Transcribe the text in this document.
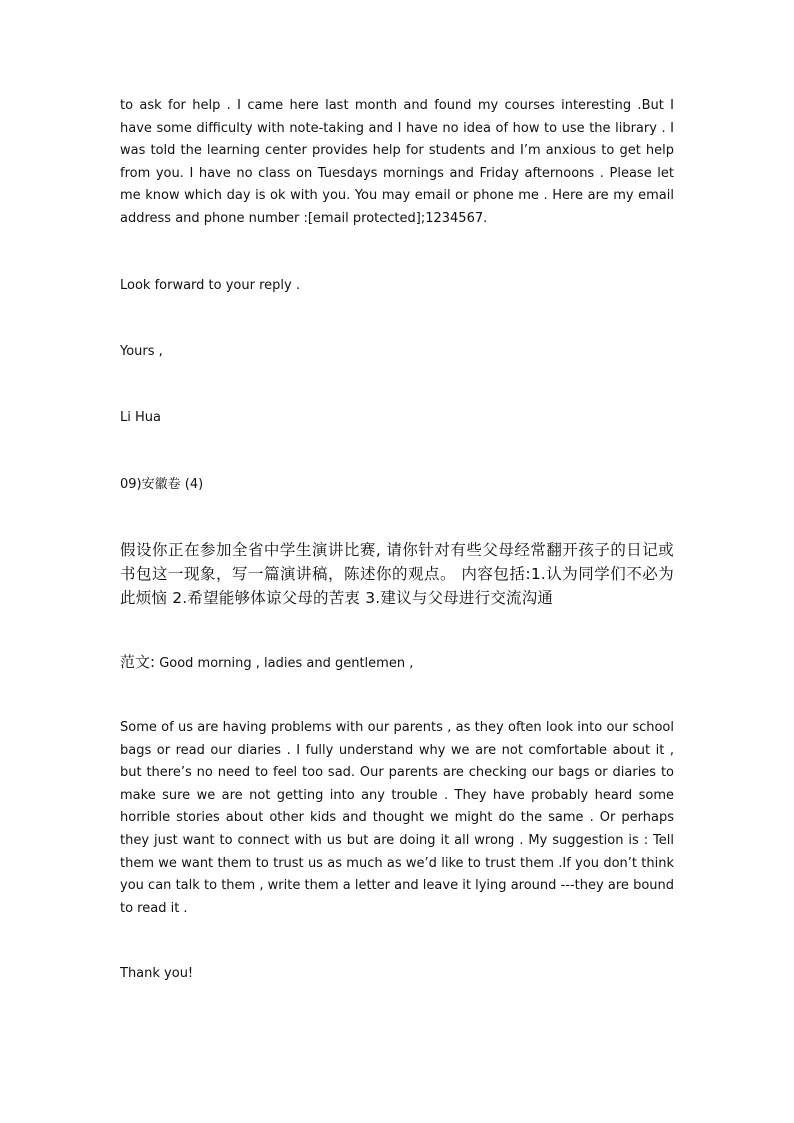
to ask for help . I came here last month and found my courses interesting .But I have some difficulty with note-taking and I have no idea of how to use the library . I was told the learning center provides help for students and I’m anxious to get help from you. I have no class on Tuesdays mornings and Friday afternoons . Please let me know which day is ok with you. You may email or phone me . Here are my email address and phone number :[email protected];1234567.

Look forward to your reply .

Yours ,

Li Hua

09)安徽卷 (4)

假设你正在参加全省中学生演讲比赛, 请你针对有些父母经常翻开孩子的日记或书包这一现象，写一篇演讲稿，陈述你的观点。 内容包括:1.认为同学们不必为此烦恼 2.希望能够体谅父母的苦衷 3.建议与父母进行交流沟通

范文: Good morning , ladies and gentlemen ,

Some of us are having problems with our parents , as they often look into our school bags or read our diaries . I fully understand why we are not comfortable about it , but there’s no need to feel too sad. Our parents are checking our bags or diaries to make sure we are not getting into any trouble . They have probably heard some horrible stories about other kids and thought we might do the same . Or perhaps they just want to connect with us but are doing it all wrong . My suggestion is : Tell them we want them to trust us as much as we’d like to trust them .If you don’t think you can talk to them , write them a letter and leave it lying around ---they are bound to read it .

Thank you!
